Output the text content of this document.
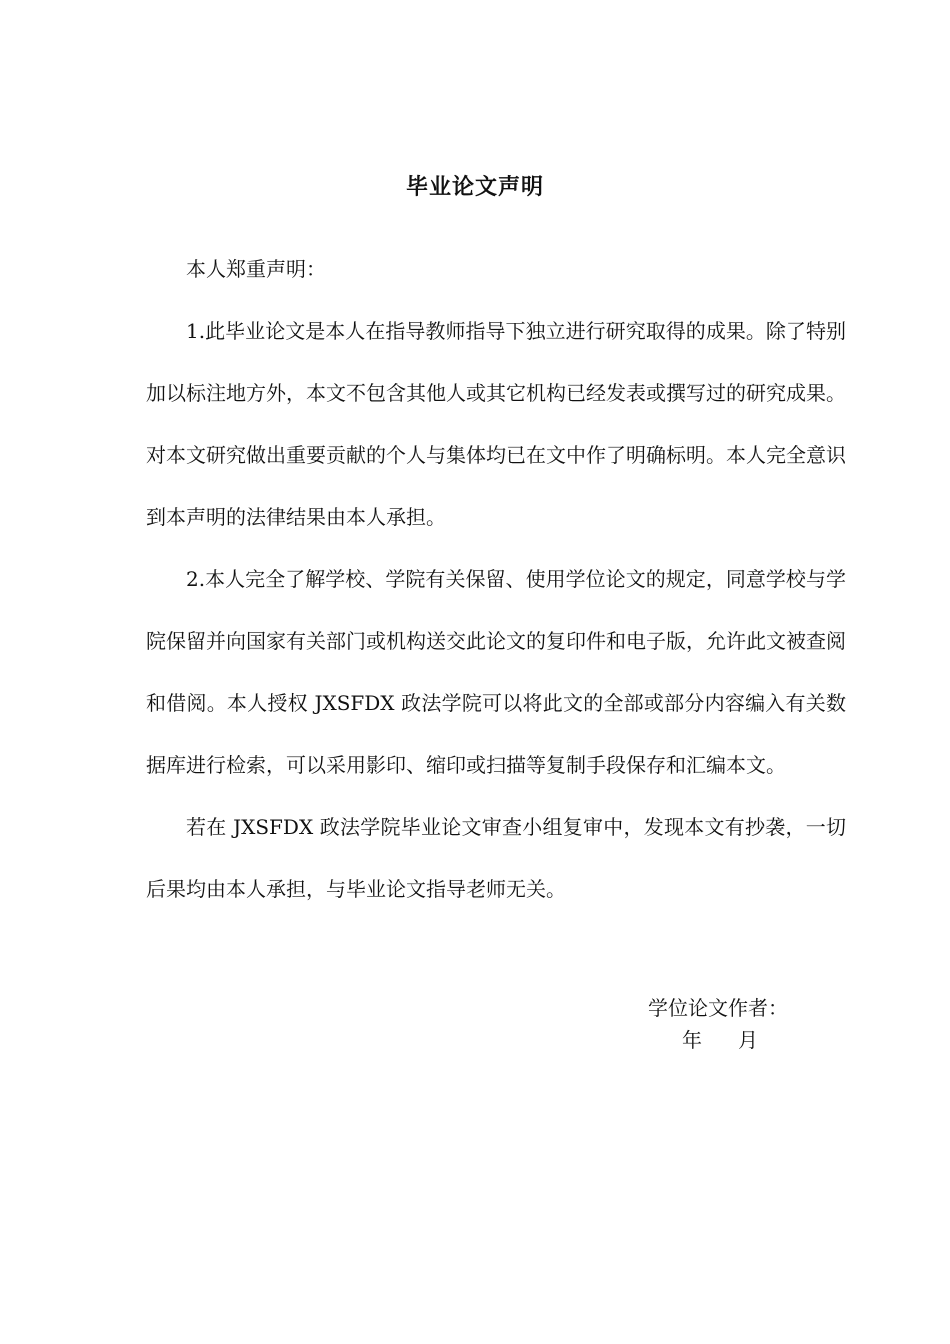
毕业论文声明

本人郑重声明：

1.此毕业论文是本人在指导教师指导下独立进行研究取得的成果。除了特别加以标注地方外，本文不包含其他人或其它机构已经发表或撰写过的研究成果。对本文研究做出重要贡献的个人与集体均已在文中作了明确标明。本人完全意识到本声明的法律结果由本人承担。

2.本人完全了解学校、学院有关保留、使用学位论文的规定，同意学校与学院保留并向国家有关部门或机构送交此论文的复印件和电子版，允许此文被查阅和借阅。本人授权 JXSFDX 政法学院可以将此文的全部或部分内容编入有关数据库进行检索，可以采用影印、缩印或扫描等复制手段保存和汇编本文。

若在 JXSFDX 政法学院毕业论文审查小组复审中，发现本文有抄袭，一切后果均由本人承担，与毕业论文指导老师无关。

学位论文作者：
年 月
